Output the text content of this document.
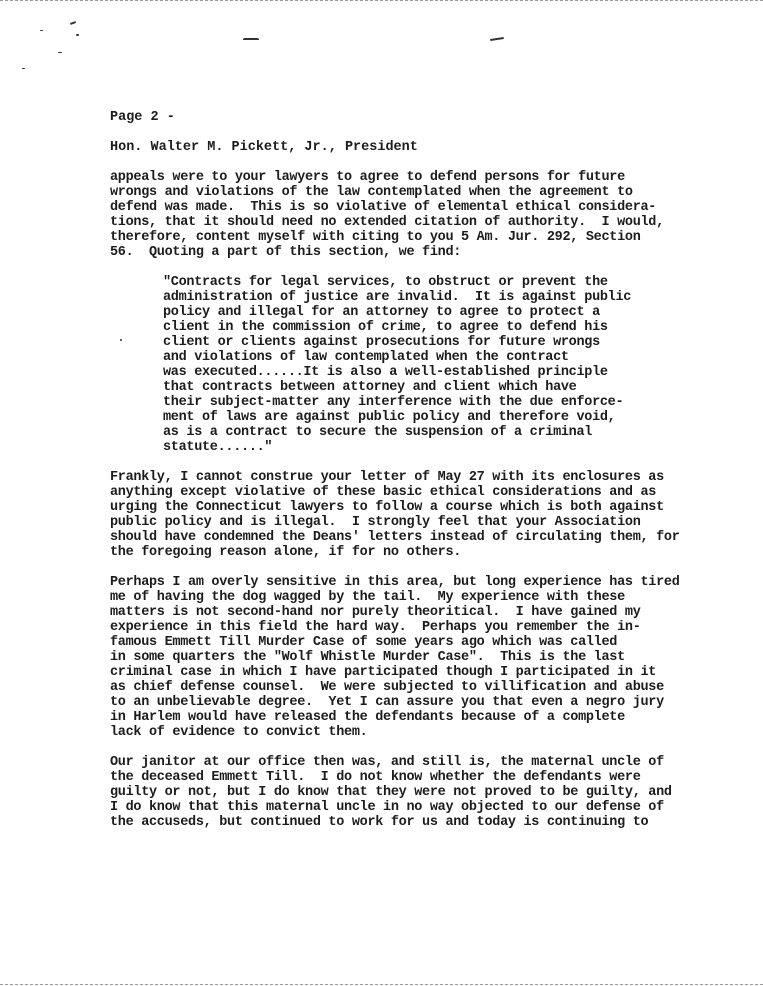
Page 2 -
Hon. Walter M. Pickett, Jr., President
appeals were to your lawyers to agree to defend persons for future
wrongs and violations of the law contemplated when the agreement to
defend was made.  This is so violative of elemental ethical considera-
tions, that it should need no extended citation of authority.  I would,
therefore, content myself with citing to you 5 Am. Jur. 292, Section
56.  Quoting a part of this section, we find:
"Contracts for legal services, to obstruct or prevent the
administration of justice are invalid.  It is against public
policy and illegal for an attorney to agree to protect a
client in the commission of crime, to agree to defend his
client or clients against prosecutions for future wrongs
and violations of law contemplated when the contract
was executed......It is also a well-established principle
that contracts between attorney and client which have
their subject-matter any interference with the due enforce-
ment of laws are against public policy and therefore void,
as is a contract to secure the suspension of a criminal
statute......"
Frankly, I cannot construe your letter of May 27 with its enclosures as
anything except violative of these basic ethical considerations and as
urging the Connecticut lawyers to follow a course which is both against
public policy and is illegal.  I strongly feel that your Association
should have condemned the Deans' letters instead of circulating them, for
the foregoing reason alone, if for no others.
Perhaps I am overly sensitive in this area, but long experience has tired
me of having the dog wagged by the tail.  My experience with these
matters is not second-hand nor purely theoritical.  I have gained my
experience in this field the hard way.  Perhaps you remember the in-
famous Emmett Till Murder Case of some years ago which was called
in some quarters the "Wolf Whistle Murder Case".  This is the last
criminal case in which I have participated though I participated in it
as chief defense counsel.  We were subjected to villification and abuse
to an unbelievable degree.  Yet I can assure you that even a negro jury
in Harlem would have released the defendants because of a complete
lack of evidence to convict them.
Our janitor at our office then was, and still is, the maternal uncle of
the deceased Emmett Till.  I do not know whether the defendants were
guilty or not, but I do know that they were not proved to be guilty, and
I do know that this maternal uncle in no way objected to our defense of
the accuseds, but continued to work for us and today is continuing to
